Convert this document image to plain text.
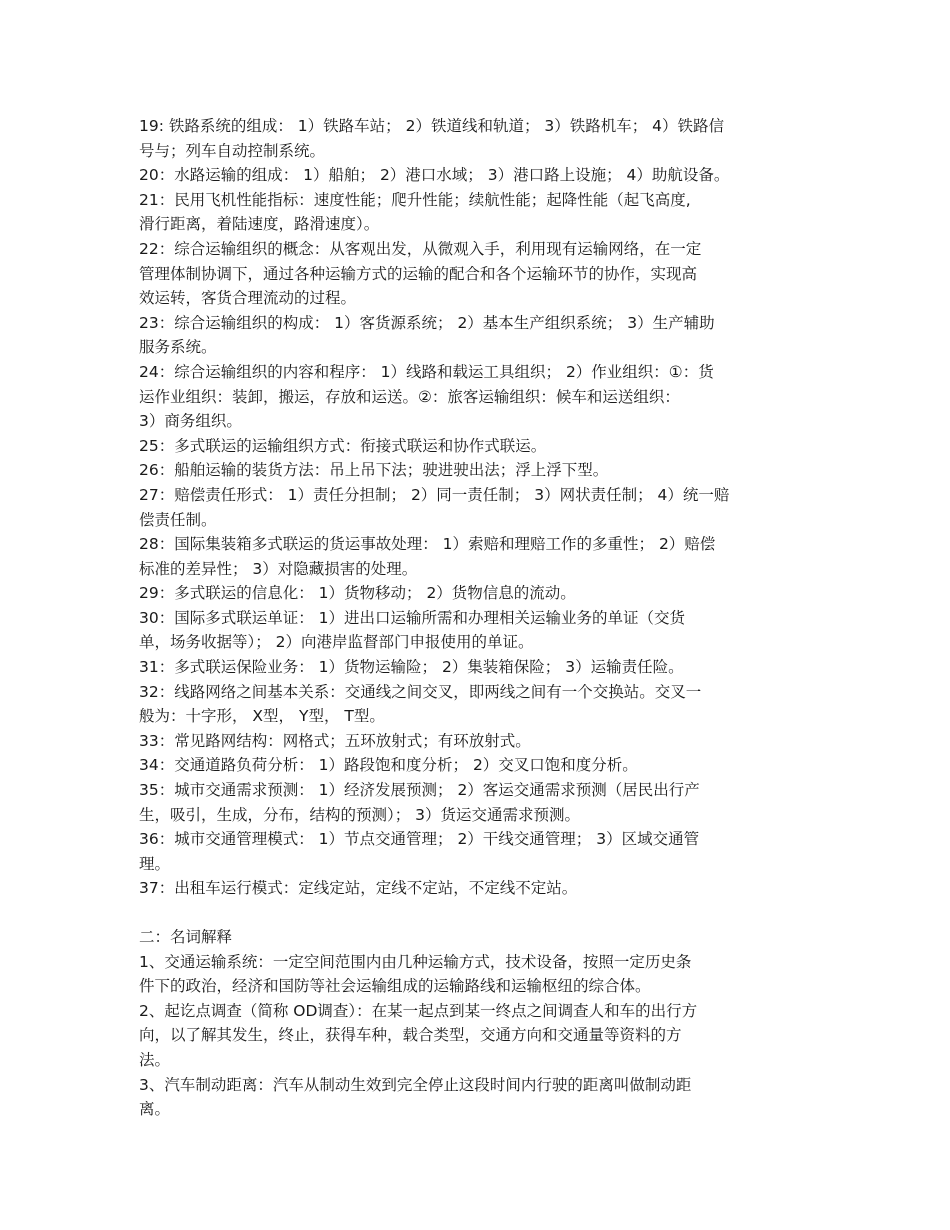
19: 铁路系统的组成： 1）铁路车站； 2）铁道线和轨道； 3）铁路机车； 4）铁路信
号与；列车自动控制系统。
20：水路运输的组成： 1）船舶； 2）港口水域； 3）港口路上设施； 4）助航设备。
21：民用飞机性能指标：速度性能；爬升性能；续航性能；起降性能（起飞高度,
滑行距离，着陆速度，路滑速度）。
22：综合运输组织的概念：从客观出发，从微观入手，利用现有运输网络，在一定
管理体制协调下，通过各种运输方式的运输的配合和各个运输环节的协作，实现高
效运转，客货合理流动的过程。
23：综合运输组织的构成： 1）客货源系统； 2）基本生产组织系统； 3）生产辅助
服务系统。
24：综合运输组织的内容和程序： 1）线路和载运工具组织； 2）作业组织：①：货
运作业组织：装卸，搬运，存放和运送。②：旅客运输组织：候车和运送组织：
3）商务组织。
25：多式联运的运输组织方式：衔接式联运和协作式联运。
26：船舶运输的装货方法：吊上吊下法；驶进驶出法；浮上浮下型。
27：赔偿责任形式： 1）责任分担制； 2）同一责任制； 3）网状责任制； 4）统一赔
偿责任制。
28：国际集装箱多式联运的货运事故处理： 1）索赔和理赔工作的多重性； 2）赔偿
标准的差异性； 3）对隐藏损害的处理。
29：多式联运的信息化： 1）货物移动； 2）货物信息的流动。
30：国际多式联运单证： 1）进出口运输所需和办理相关运输业务的单证（交货
单，场务收据等）； 2）向港岸监督部门申报使用的单证。
31：多式联运保险业务： 1）货物运输险； 2）集装箱保险； 3）运输责任险。
32：线路网络之间基本关系：交通线之间交叉，即两线之间有一个交换站。交叉一
般为：十字形， X型， Y型， T型。
33：常见路网结构：网格式；五环放射式；有环放射式。
34：交通道路负荷分析： 1）路段饱和度分析； 2）交叉口饱和度分析。
35：城市交通需求预测： 1）经济发展预测； 2）客运交通需求预测（居民出行产
生，吸引，生成，分布，结构的预测）； 3）货运交通需求预测。
36：城市交通管理模式： 1）节点交通管理； 2）干线交通管理； 3）区域交通管
理。
37：出租车运行模式：定线定站，定线不定站，不定线不定站。
二：名词解释
1、交通运输系统：一定空间范围内由几种运输方式，技术设备，按照一定历史条
件下的政治，经济和国防等社会运输组成的运输路线和运输枢纽的综合体。
2、起讫点调查（简称 OD调查）：在某一起点到某一终点之间调查人和车的出行方
向，以了解其发生，终止，获得车种，载合类型，交通方向和交通量等资料的方
法。
3、汽车制动距离：汽车从制动生效到完全停止这段时间内行驶的距离叫做制动距
离。
